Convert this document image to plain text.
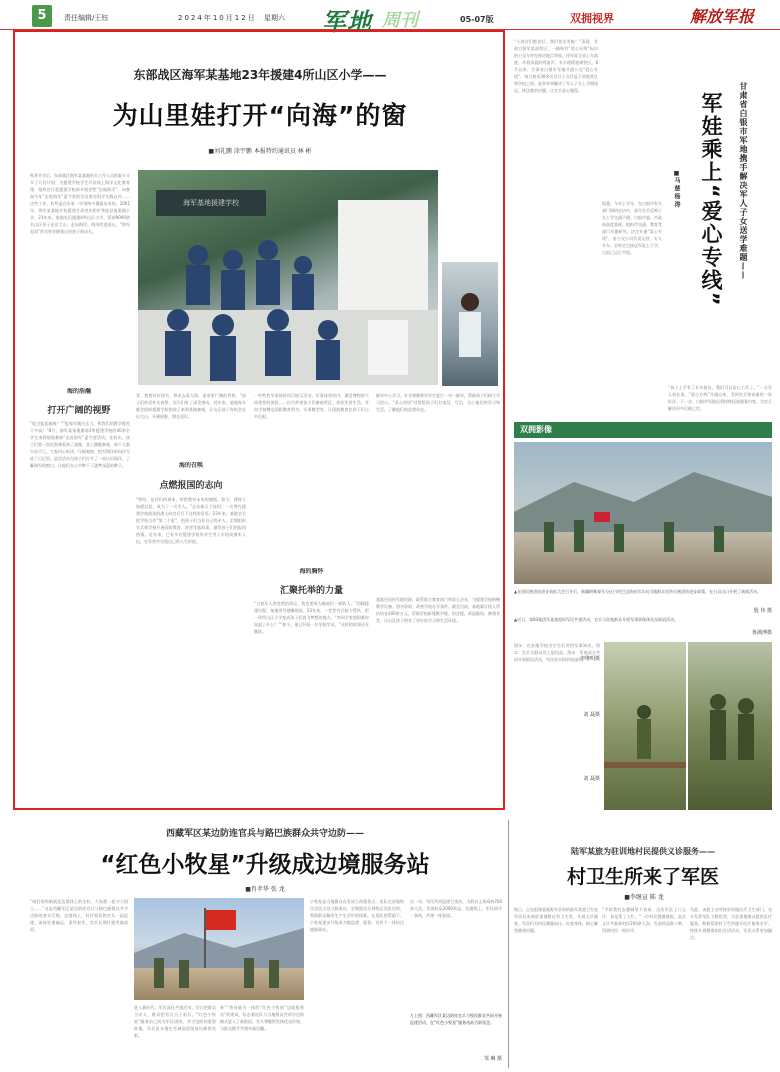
5	责任编辑/王钰	2024年10月12日 星期六 军地 周刊	05-07版	双拥视界	解放军报
东部战区海军某基地23年援建4所山区小学——
为山里娃打开“向海”的窗
■刘礼鹏 涂宇鹏 本报特约通讯员 林 彬
秋季开学后，东部战区海军某基地机关工作人员的案头又多了几份计划：为援建学校学生开设线上海洋文化教育课，组织官兵赴援建学校前开展党性“启航助学”，向参加今年“走进海军”夏令营的学员寄送科学实践自传……这些工作，有些是在年复一年坚持中摸索出来的。2001年，海军某基地开始援建甘肃省庆阳市华池县南梁镇小学，23年来，基地先后援建4所山区小学，帮助9000余名山区孩子走出大山、走向海洋。海风吹进深山，“海军叔叔”的关怀伴随着山里孩子的成长。
海军基地援建学校
海的浩瀚
打开广阔的视野
“吃过盐起航啦！”“报家军舰过去大，和我们的教学楼差不多高！”8月，海军某基地邀请3所援建学校的40余名学生来到基地参加“走进海军”夏令营活动。在码头，孩子们第一次近距离看到了战舰，登上舰艇参观，每个人都兴奋不已。大家用心听讲，仔细观察，把对海洋的向往写进了日记里。此次活动为孩子们打开了一扇认识海洋、了解海军的窗口，让他们在心中种下了逐梦深蓝的种子。
青，我要好好读书，将来去看大海，追求更广阔的世界。”孩子们的话朴实真挚，官兵们听了深受感动。近年来，基地每年都会组织援建学校的孩子来到基地参观，让山区孩子有机会走出大山、开阔视野、增长见识。
海的召唤
点燃报国的志向
“曾经，是你们的到来，带给我对未来的憧憬。如今，我终于如愿以偿，成为了一名军人。”去年新兵下连时，一名曾在援建学校就读的战士向官兵写下这样的话语。23年来，基地官兵把学校当作“第二个家”，把孩子们当作自己的亲人，定期组织官兵到学校开展国防教育，讲述军旅故事，激发孩子们的报国热情。近年来，已有多名援建学校毕业生考入军校或参军入伍，在军营中实现自己的人生价值。
一些特色军事体验项目展示活动，军事体验馆内，激活博物馆不同类型的展馆……官兵带领孩子们参观营区、体验军营生活，并向学校赠送国防教育图书、军事模型等，让国防教育在孩子们心中扎根。
海的胸怀
汇聚托举的力量
“当初军人改变我的命运，我也要成为像他们一样的人。”回顾援建历程，基地领导感慨地说，23年来，一茬茬官兵接力帮扶，把一所所山区小学变成孩子们放飞梦想的地方。“李同学家境困难时说起了什么？”“如今，他已经是一名军校学员。”这样的故事还在继续。
辅导中心学习，专业课教师对学生进行一对一辅导，帮助孩子们树立学习信心。“爱心妈妈”经常给孩子们打电话、写信，关心他们的学习和生活，了解他们的思想动态。
基地还依托军地资源，联系地方教育部门和爱心企业，为援建学校捐赠教学设备、图书资料，改善学校办学条件。截至目前，基地累计投入帮扶资金200余万元，帮助学校新建教学楼、宿舍楼，改造操场，修建食堂，让山区孩子拥有了更好的学习和生活环境。
“小郭女们都安好，我们要出发啦！”清晨，甘肃白银军某部营区，一辆贴有“爱心专线”标识的公交车停在指定地点等候，待军娃全部上车落座，伴着清晨的鸣笛声，专车缓缓驶离营区。6月以来，甘肃省白银市军地开通公交“爱心专线”，每日接送30余名官兵子女往返于驻地营区和学校之间。此举有效解决了军人子女上学路途远、接送难的问题，让官兵安心服役。
据悉，今年上半年，在白银市有关部门调研走访中，部分官兵反映子女上学交通不便。白银市委、市政府高度重视，组织市交通、教育等部门专题研究，决定开通“爱心专线”，由公交公司负责运营，专人专车、定时定点接送军娃上下学，目前已运行平稳。	甘肃省白银市军地携手解决军人子女送学难题——
军娃乘上“爱心专线”
■马 慈 杨 涛
“孩子上学有了专车接送，我们可以安心工作了。”一名军人家长说。“爱心专线”开通以来，受到官兵和家属的一致好评。下一步，白银市军地还将持续拓展服务内容，为官兵解决更多后顾之忧。
双拥影像
▲在国民族团结进步表彰大会召开后，新疆阿勒泰军分区白哈巴边防连官兵向当地群众宣传民族团结进步政策，在石岩山口开展了演练活动。
殷 伟 摄
▲近日，第83集团军某旅组织军民共建活动，官兵与驻地群众开展军事训练体验及联谊活动。
鲁满博摄
图①：在驻地学校为学生们讲授军事知识。图②：官兵为群众送上慰问品。图③：军地双方共同开展联谊活动，军民鱼水情更加深厚。
李继明摄
刘 磊摄
刘 磊摄
西藏军区某边防连官兵与路巴族群众共守边防——
“红色小牧星”升级成边境服务站
■肖孝华 张 龙
“咱们的岗哨就是边境线上的坐标，大家都一起守卫国土……”这是西藏军区某边防连官兵与路巴族群众共守边防的真实写照。边境线上，村民牧民和官兵一起巡逻。该连驻地偏远，条件艰苦，官兵长期扎根雪域高原。
进入新时代，军民深化共建活动。官兵把群众当亲人，群众把官兵当子弟兵。“红色小牧星”服务站已成为军民团结、共守边防的重要阵地，军民鱼水情在雪域高原绽放出新的光彩。
务”“将动能为一体的“红色小牧星”边境服务站”的建成，标志着连队与当地群众共同守边防模式进入了新阶段。官兵将继续发扬优良传统，与群众携手共建幸福边疆。
小牧星是当地群众自发成立的服务点，连队在驻地牧民定居点设立服务站，定期派官兵到牧区送医送药，帮助群众解决生产生活中的困难。在连队的帮助下，小牧星逐步升级成为集巡逻、服务、宣传于一体的边境服务站。
这一年，军民共同巡逻百余次，为群众义务看病700余人次，发放药品2000余盒。边境线上，军民同守一条线，共建一座家园。
左上图：西藏军区某边防连官兵与牧民群众共同开展巡逻活动，在“红色小牧星”服务站前合影留念。
邹 琳 摄
陆军某旅为驻训地村民提供义诊服务——
村卫生所来了军医
■李继宣 陈 龙
秋日，正在组建某地野外驻训的陆军某旅卫生连军医们来到驻训地附近村卫生所，开展义诊服务。军医们为村民测量血压、检查身体，耐心解答健康问题。
“平时我们去趟城里不容易，这次军医上门义诊，真是帮了大忙。”一位村民感激地说。此次义诊共服务村民200余人次，发放药品数十种，得到村民一致好评。
为此，该旅主动对接驻训地医疗卫生部门，充分发挥军队卫勤优势，为驻训地群众提供医疗服务，积极帮助村卫生所提升医疗服务水平，持续开展健康知识宣讲活动，军民关系更加融洽。
